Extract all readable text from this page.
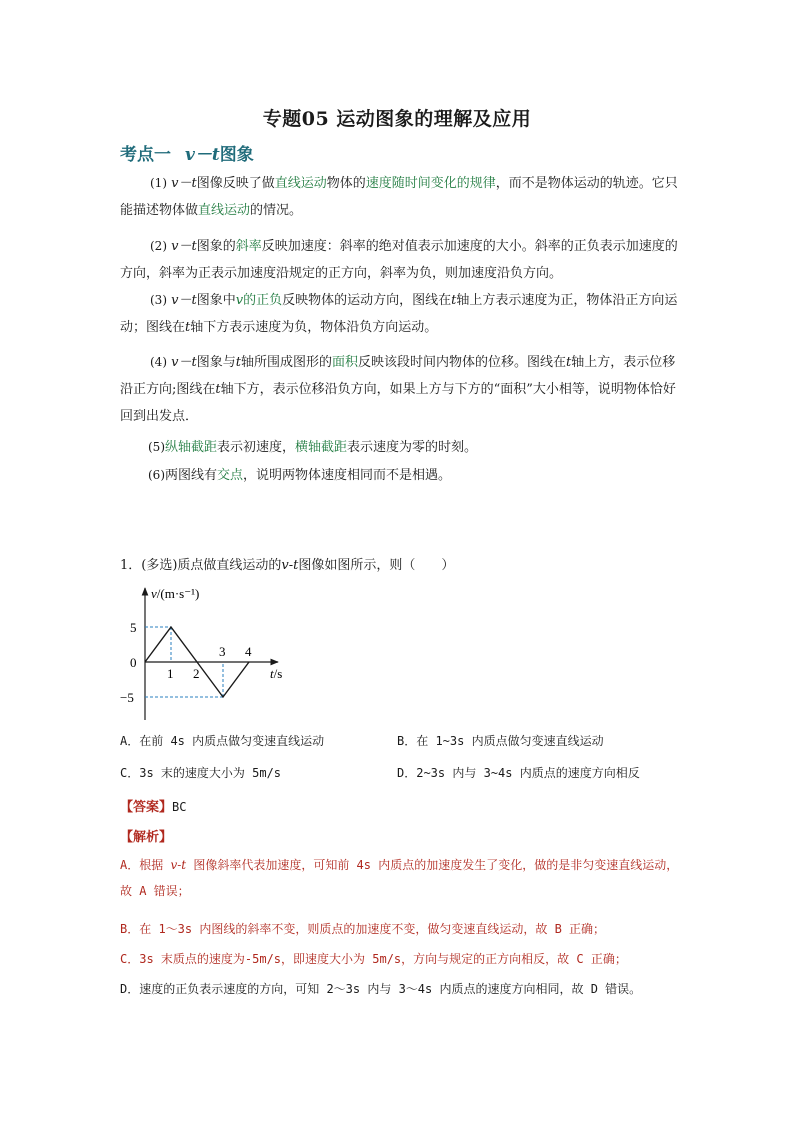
专题05 运动图象的理解及应用
考点一 v－t图象
(1) v－t图像反映了做直线运动物体的速度随时间变化的规律，而不是物体运动的轨迹。它只能描述物体做直线运动的情况。
(2) v－t图象的斜率反映加速度：斜率的绝对值表示加速度的大小。斜率的正负表示加速度的方向，斜率为正表示加速度沿规定的正方向，斜率为负，则加速度沿负方向。
(3) v－t图象中v的正负反映物体的运动方向，图线在t轴上方表示速度为正，物体沿正方向运动；图线在t轴下方表示速度为负，物体沿负方向运动。
(4) v－t图象与t轴所围成图形的面积反映该段时间内物体的位移。图线在t轴上方，表示位移沿正方向;图线在t轴下方，表示位移沿负方向，如果上方与下方的“面积”大小相等，说明物体恰好回到出发点．
(5)纵轴截距表示初速度，横轴截距表示速度为零的时刻。
(6)两图线有交点，说明两物体速度相同而不是相遇。
1．(多选)质点做直线运动的v-t图像如图所示，则（　　）
v/(m·s⁻¹)
t/s
5
0
−5
1 2
3 4
A．在前 4s 内质点做匀变速直线运动	B．在 1~3s 内质点做匀变速直线运动
C．3s 末的速度大小为 5m/s	D．2~3s 内与 3~4s 内质点的速度方向相反
【答案】BC
【解析】
A．根据 v-t 图像斜率代表加速度，可知前 4s 内质点的加速度发生了变化，做的是非匀变速直线运动，故 A 错误；
B．在 1～3s 内图线的斜率不变，则质点的加速度不变，做匀变速直线运动，故 B 正确；
C．3s 末质点的速度为-5m/s，即速度大小为 5m/s，方向与规定的正方向相反，故 C 正确；
D．速度的正负表示速度的方向，可知 2～3s 内与 3～4s 内质点的速度方向相同，故 D 错误。
